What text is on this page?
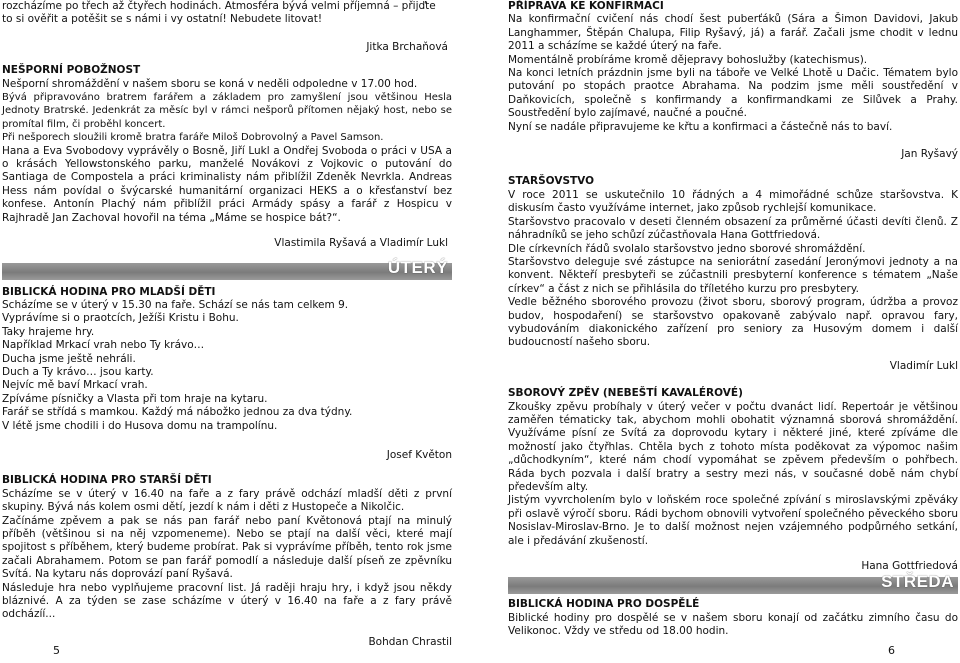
rozcházíme po třech až čtyřech hodinách. Atmosféra bývá velmi příjemná – přijďte

to si ověřit a potěšit se s námi i vy ostatní! Nebudete litovat!

Jitka Brchaňová

NEŠPORNÍ POBOŽNOST

Nešporní shromáždění v našem sboru se koná v neděli odpoledne v 17.00 hod.

Bývá připravováno bratrem farářem a základem pro zamyšlení jsou většinou Hesla Jednoty Bratrské. Jedenkrát za měsíc byl v rámci nešporů přítomen nějaký host, nebo se promítal film, či proběhl koncert.

Při nešporech sloužili kromě bratra faráře Miloš Dobrovolný a Pavel Samson.

Hana a Eva Svobodovy vyprávěly o Bosně, Jiří Lukl a Ondřej Svoboda o práci v USA a o krásách Yellowstonského parku, manželé Novákovi z Vojkovic o putování do Santiaga de Compostela a práci kriminalisty nám přiblížil Zdeněk Nevrkla. Andreas Hess nám povídal o švýcarské humanitární organizaci HEKS a o křesťanství bez konfese. Antonín Plachý nám přiblížil práci Armády spásy a farář z Hospicu v Rajhradě Jan Zachoval hovořil na téma „Máme se hospice bát?“.

Vlastimila Ryšavá a Vladimír Lukl

ÚTERÝ

BIBLICKÁ HODINA PRO MLADŠÍ DĚTI

Scházíme se v úterý v 15.30 na faře. Schází se nás tam celkem 9.

Vyprávíme si o praotcích, Ježíši Kristu i Bohu.

Taky hrajeme hry.

Například Mrkací vrah nebo Ty krávo…

Ducha jsme ještě nehráli.

Duch a Ty krávo… jsou karty.

Nejvíc mě baví Mrkací vrah.

Zpíváme písničky a Vlasta při tom hraje na kytaru.

Farář se střídá s mamkou. Každý má nábožko jednou za dva týdny.

V létě jsme chodili i do Husova domu na trampolínu.

Josef Květon

BIBLICKÁ HODINA PRO STARŠÍ DĚTI

Scházíme se v úterý v 16.40 na faře a z fary právě odchází mladší děti z první skupiny. Bývá nás kolem osmi dětí, jezdí k nám i děti z Hustopeče a Nikolčic.

Začínáme zpěvem a pak se nás pan farář nebo paní Květonová ptají na minulý příběh (většinou si na něj vzpomeneme). Nebo se ptají na další věci, které mají spojitost s příběhem, který budeme probírat. Pak si vyprávíme příběh, tento rok jsme začali Abrahamem. Potom se pan farář pomodlí a následuje další píseň ze zpěvníku Svítá. Na kytaru nás doprovází paní Ryšavá.

Následuje hra nebo vyplňujeme pracovní list. Já raději hraju hry, i když jsou někdy bláznivé. A za týden se zase scházíme v úterý v 16.40 na faře a z fary právě odcházíí...

Bohdan Chrastil

5

PŘÍPRAVA KE KONFIRMACI

Na konfirmační cvičení nás chodí šest puberťáků (Sára a Šimon Davidovi, Jakub Langhammer, Štěpán Chalupa, Filip Ryšavý, já) a farář. Začali jsme chodit v lednu 2011 a scházíme se každé úterý na faře.

Momentálně probíráme kromě dějepravy bohoslužby (katechismus).

Na konci letních prázdnin jsme byli na táboře ve Velké Lhotě u Dačic. Tématem bylo putování po stopách praotce Abrahama. Na podzim jsme měli soustředění v Daňkovicích, společně s konfirmandy a konfirmandkami ze Silůvek a Prahy. Soustředění bylo zajímavé, naučné a poučné.

Nyní se nadále připravujeme ke křtu a konfirmaci a částečně nás to baví.

Jan Ryšavý

STARŠOVSTVO

V roce 2011 se uskutečnilo 10 řádných a 4 mimořádné schůze staršovstva. K diskusím často využíváme internet, jako způsob rychlejší komunikace.

Staršovstvo pracovalo v deseti členném obsazení za průměrné účasti devíti členů. Z náhradníků se jeho schůzí zúčastňovala Hana Gottfriedová.

Dle církevních řádů svolalo staršovstvo jedno sborové shromáždění.

Staršovstvo deleguje své zástupce na seniorátní zasedání Jeronýmovi jednoty a na konvent. Někteří presbyteři se zúčastnili presbyterní konference s tématem „Naše církev“ a část z nich se přihlásila do tříletého kurzu pro presbytery.

Vedle běžného sborového provozu (život sboru, sborový program, údržba a provoz budov, hospodaření) se staršovstvo opakovaně zabývalo např. opravou fary, vybudováním diakonického zařízení pro seniory za Husovým domem i další budoucností našeho sboru.

Vladimír Lukl

SBOROVÝ ZPĚV (NEBEŠTÍ KAVALÉROVÉ)

Zkoušky zpěvu probíhaly v úterý večer v počtu dvanáct lidí. Repertoár je většinou zaměřen tématicky tak, abychom mohli obohatit významná sborová shromáždění. Využíváme písní ze Svítá za doprovodu kytary i některé jiné, které zpíváme dle možností jako čtyřhlas. Chtěla bych z tohoto místa poděkovat za výpomoc našim „důchodkyním“, které nám chodí vypomáhat se zpěvem především o pohřbech. Ráda bych pozvala i další bratry a sestry mezi nás, v současné době nám chybí především alty.

Jistým vyvrcholením bylo v loňském roce společné zpívání s miroslavskými zpěváky při oslavě výročí sboru. Rádi bychom obnovili vytvoření společného pěveckého sboru Nosislav-Miroslav-Brno. Je to další možnost nejen vzájemného podpůrného setkání, ale i předávání zkušeností.

Hana Gottfriedová

STŘEDA

BIBLICKÁ HODINA PRO DOSPĚLÉ

Biblické hodiny pro dospělé se v našem sboru konají od začátku zimního času do Velikonoc. Vždy ve středu od 18.00 hodin.

6
